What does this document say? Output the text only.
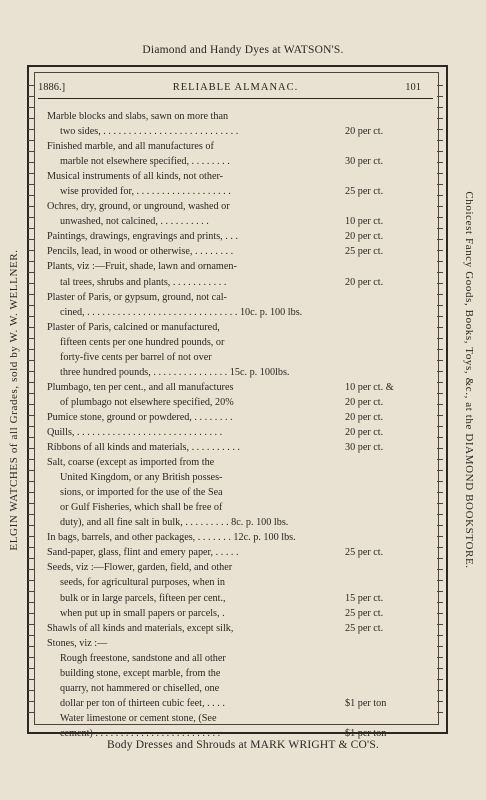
Diamond and Handy Dyes at WATSON'S.
ELGIN WATCHES of all Grades, sold by W. W. WELLNER.	Choicest Fancy Goods, Books, Toys, &c., at the DIAMOND BOOKSTORE.
1886.]	RELIABLE ALMANAC.	101
Marble blocks and slabs, sawn on more than
two sides, . . . . . . . . . . . . . . . . . . . . . . . . . . .	20 per ct.
Finished marble, and all manufactures of
marble not elsewhere specified, . . . . . . . .	30 per ct.
Musical instruments of all kinds, not other-
wise provided for, . . . . . . . . . . . . . . . . . . .	25 per ct.
Ochres, dry, ground, or unground, washed or
unwashed, not calcined, . . . . . . . . . .	10 per ct.
Paintings, drawings, engravings and prints, . . .	20 per ct.
Pencils, lead, in wood or otherwise, . . . . . . . .	25 per ct.
Plants, viz :—Fruit, shade, lawn and ornamen-
tal trees, shrubs and plants, . . . . . . . . . . .	20 per ct.
Plaster of Paris, or gypsum, ground, not cal-
cined, . . . . . . . . . . . . . . . . . . . . . . . . . . . . . . 10c. p. 100 lbs.
Plaster of Paris, calcined or manufactured,
fifteen cents per one hundred pounds, or
forty-five cents per barrel of not over
three hundred pounds, . . . . . . . . . . . . . . . 15c. p. 100lbs.
Plumbago, ten per cent., and all manufactures	10 per ct. &
of plumbago not elsewhere specified, 20%	20 per ct.
Pumice stone, ground or powdered, . . . . . . . .	20 per ct.
Quills, . . . . . . . . . . . . . . . . . . . . . . . . . . . . .	20 per ct.
Ribbons of all kinds and materials, . . . . . . . . . .	30 per ct.
Salt, coarse (except as imported from the
United Kingdom, or any British posses-
sions, or imported for the use of the Sea
or Gulf Fisheries, which shall be free of
duty), and all fine salt in bulk, . . . . . . . . . 8c. p. 100 lbs.
In bags, barrels, and other packages, . . . . . . . 12c. p. 100 lbs.
Sand-paper, glass, flint and emery paper, . . . . .	25 per ct.
Seeds, viz :—Flower, garden, field, and other
seeds, for agricultural purposes, when in
bulk or in large parcels, fifteen per cent.,	15 per ct.
when put up in small papers or parcels, .	25 per ct.
Shawls of all kinds and materials, except silk,	25 per ct.
Stones, viz :—
Rough freestone, sandstone and all other
building stone, except marble, from the
quarry, not hammered or chiselled, one
dollar per ton of thirteen cubic feet, . . . .	$1 per ton
Water limestone or cement stone, (See
cement) . . . . . . . . . . . . . . . . . . . . . . . . .	$1 per ton
Body Dresses and Shrouds at MARK WRIGHT & CO'S.
